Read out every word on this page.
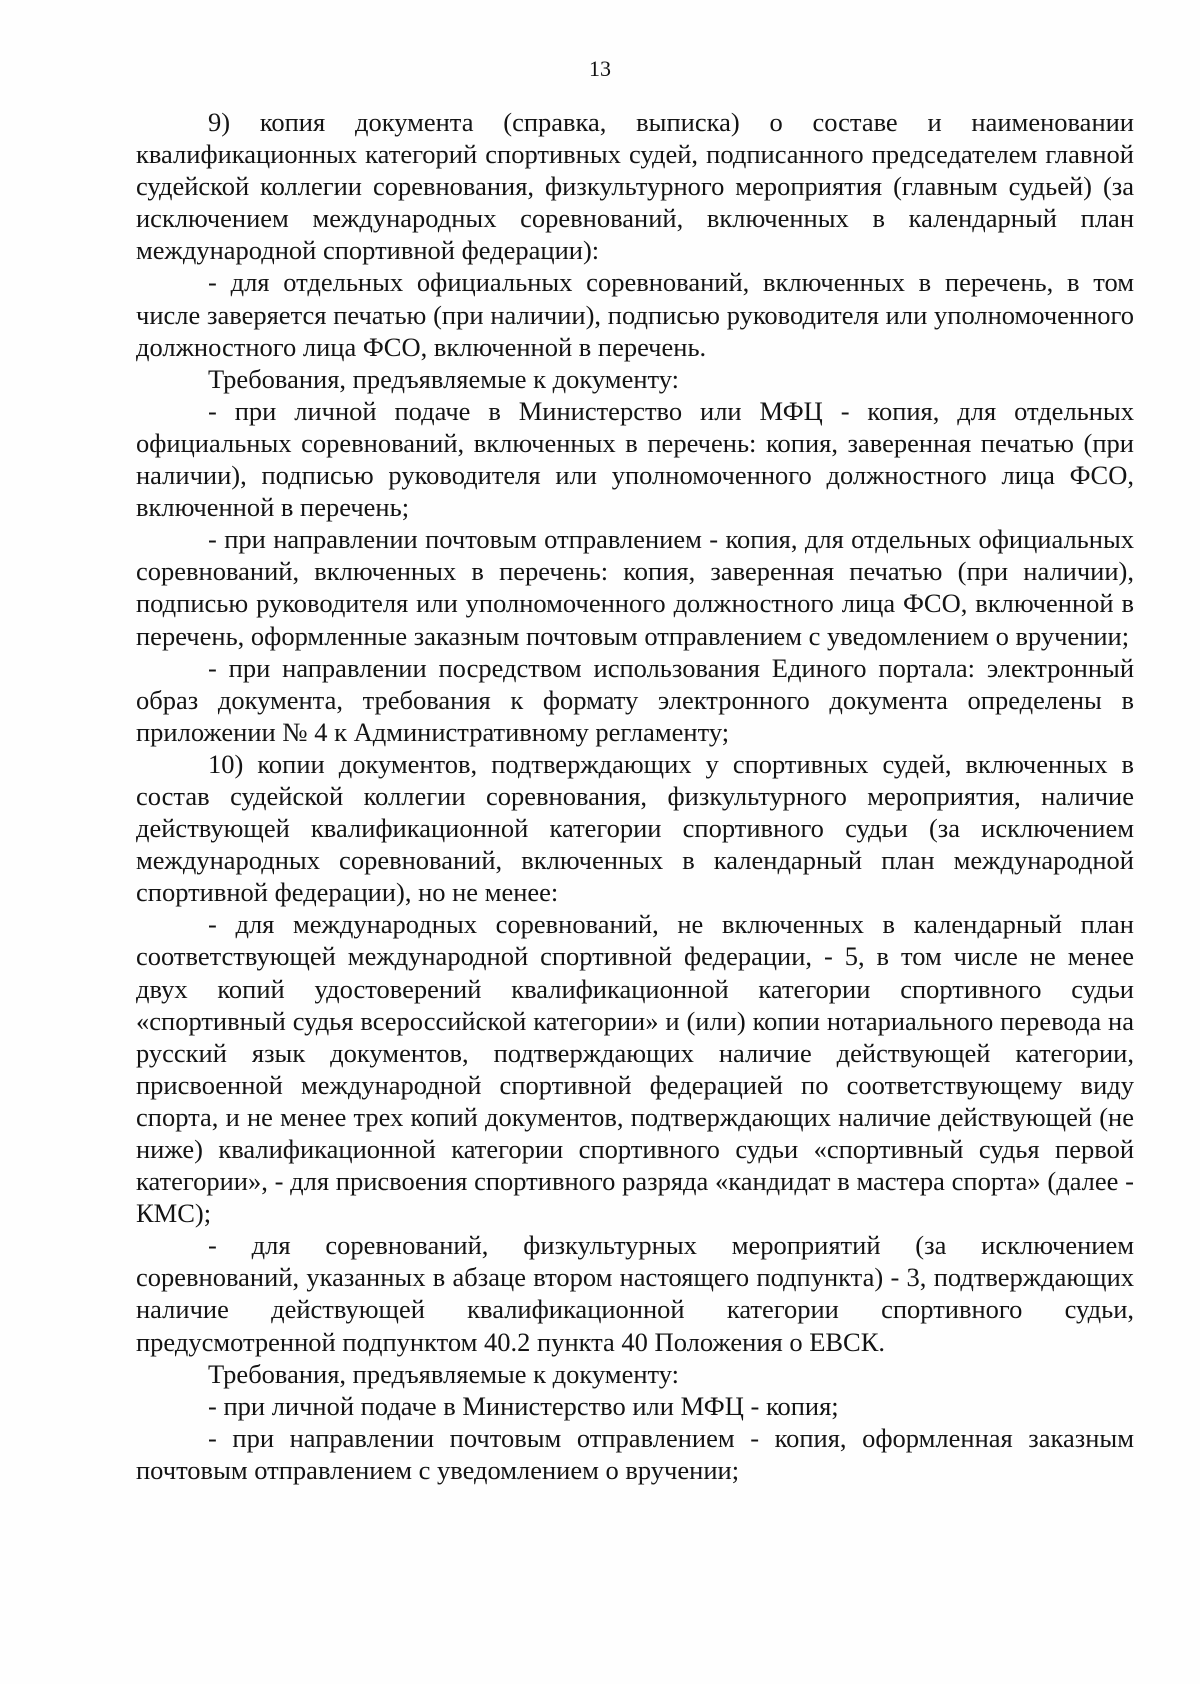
13

9) копия документа (справка, выписка) о составе и наименовании квалификационных категорий спортивных судей, подписанного председателем главной судейской коллегии соревнования, физкультурного мероприятия (главным судьей) (за исключением международных соревнований, включенных в календарный план международной спортивной федерации):

- для отдельных официальных соревнований, включенных в перечень, в том числе заверяется печатью (при наличии), подписью руководителя или уполномоченного должностного лица ФСО, включенной в перечень.

Требования, предъявляемые к документу:

- при личной подаче в Министерство или МФЦ - копия, для отдельных официальных соревнований, включенных в перечень: копия, заверенная печатью (при наличии), подписью руководителя или уполномоченного должностного лица ФСО, включенной в перечень;

- при направлении почтовым отправлением - копия, для отдельных официальных соревнований, включенных в перечень: копия, заверенная печатью (при наличии), подписью руководителя или уполномоченного должностного лица ФСО, включенной в перечень, оформленные заказным почтовым отправлением с уведомлением о вручении;

- при направлении посредством использования Единого портала: электронный образ документа, требования к формату электронного документа определены в приложении № 4 к Административному регламенту;

10) копии документов, подтверждающих у спортивных судей, включенных в состав судейской коллегии соревнования, физкультурного мероприятия, наличие действующей квалификационной категории спортивного судьи (за исключением международных соревнований, включенных в календарный план международной спортивной федерации), но не менее:

- для международных соревнований, не включенных в календарный план соответствующей международной спортивной федерации, - 5, в том числе не менее двух копий удостоверений квалификационной категории спортивного судьи «спортивный судья всероссийской категории» и (или) копии нотариального перевода на русский язык документов, подтверждающих наличие действующей категории, присвоенной международной спортивной федерацией по соответствующему виду спорта, и не менее трех копий документов, подтверждающих наличие действующей (не ниже) квалификационной категории спортивного судьи «спортивный судья первой категории», - для присвоения спортивного разряда «кандидат в мастера спорта» (далее - КМС);

- для соревнований, физкультурных мероприятий (за исключением соревнований, указанных в абзаце втором настоящего подпункта) - 3, подтверждающих наличие действующей квалификационной категории спортивного судьи, предусмотренной подпунктом 40.2 пункта 40 Положения о ЕВСК.

Требования, предъявляемые к документу:

- при личной подаче в Министерство или МФЦ - копия;

- при направлении почтовым отправлением - копия, оформленная заказным почтовым отправлением с уведомлением о вручении;
